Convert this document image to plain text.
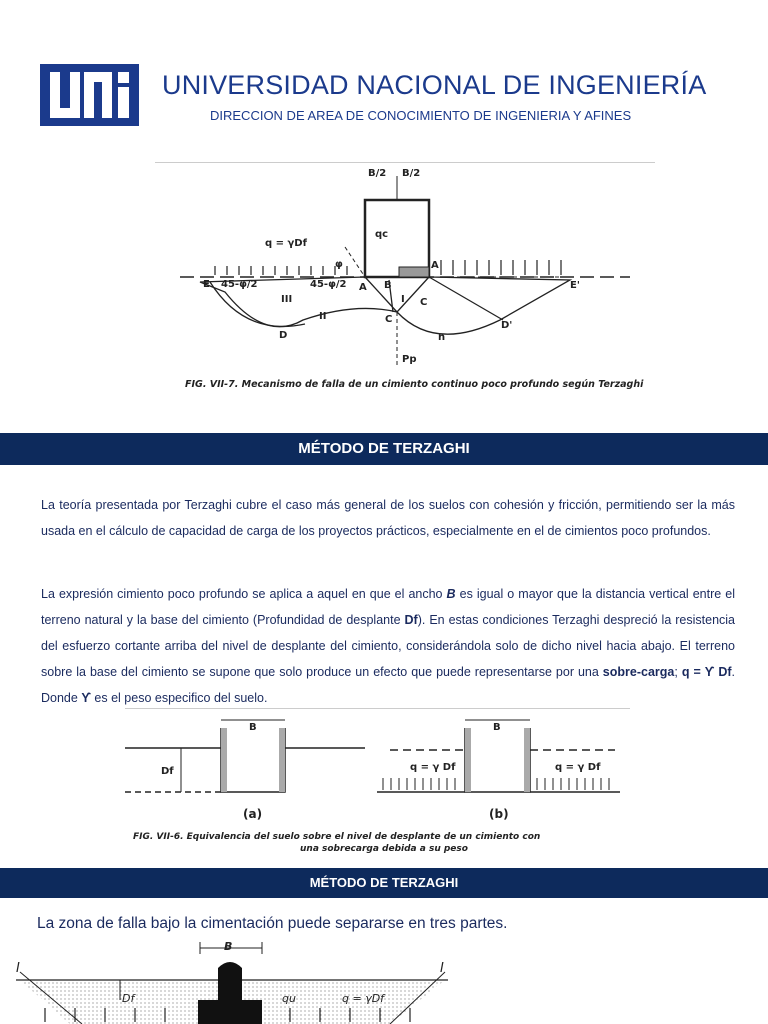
UNI
UNIVERSIDAD NACIONAL DE INGENIERÍA
DIRECCION DE AREA DE CONOCIMIENTO DE INGENIERIA Y AFINES
B/2 B/2
qc
q = γDf
φ
45-φ/2	45-φ/2
E	A B
A
E'
III
II
I
D
C
C
D'
n
Pp
FIG. VII-7. Mecanismo de falla de un cimiento continuo poco profundo según Terzaghi
MÉTODO DE TERZAGHI
La teoría presentada por Terzaghi cubre el caso más general de los suelos con cohesión y fricción, permitiendo ser la más usada en el cálculo de capacidad de carga de los proyectos prácticos, especialmente en el de cimientos poco profundos.
La expresión cimiento poco profundo se aplica a aquel en que el ancho B es igual o mayor que la distancia vertical entre el terreno natural y la base del cimiento (Profundidad de desplante Df). En estas condiciones Terzaghi despreció la resistencia del esfuerzo cortante arriba del nivel de desplante del cimiento, considerándola solo de dicho nivel hacia abajo. El terreno sobre la base del cimiento se supone que solo produce un efecto que puede representarse por una sobre-carga; q = ϒ Df. Donde ϒ es el peso especifico del suelo.
B	B
Df	q = γ Df	q = γ Df
(a)	(b)
FIG. VII-6. Equivalencia del suelo sobre el nivel de desplante de un cimiento con
una sobrecarga debida a su peso
MÉTODO DE TERZAGHI
La zona de falla bajo la cimentación puede separarse en tres partes.
B
Df	qu	q = γDf
I	I
